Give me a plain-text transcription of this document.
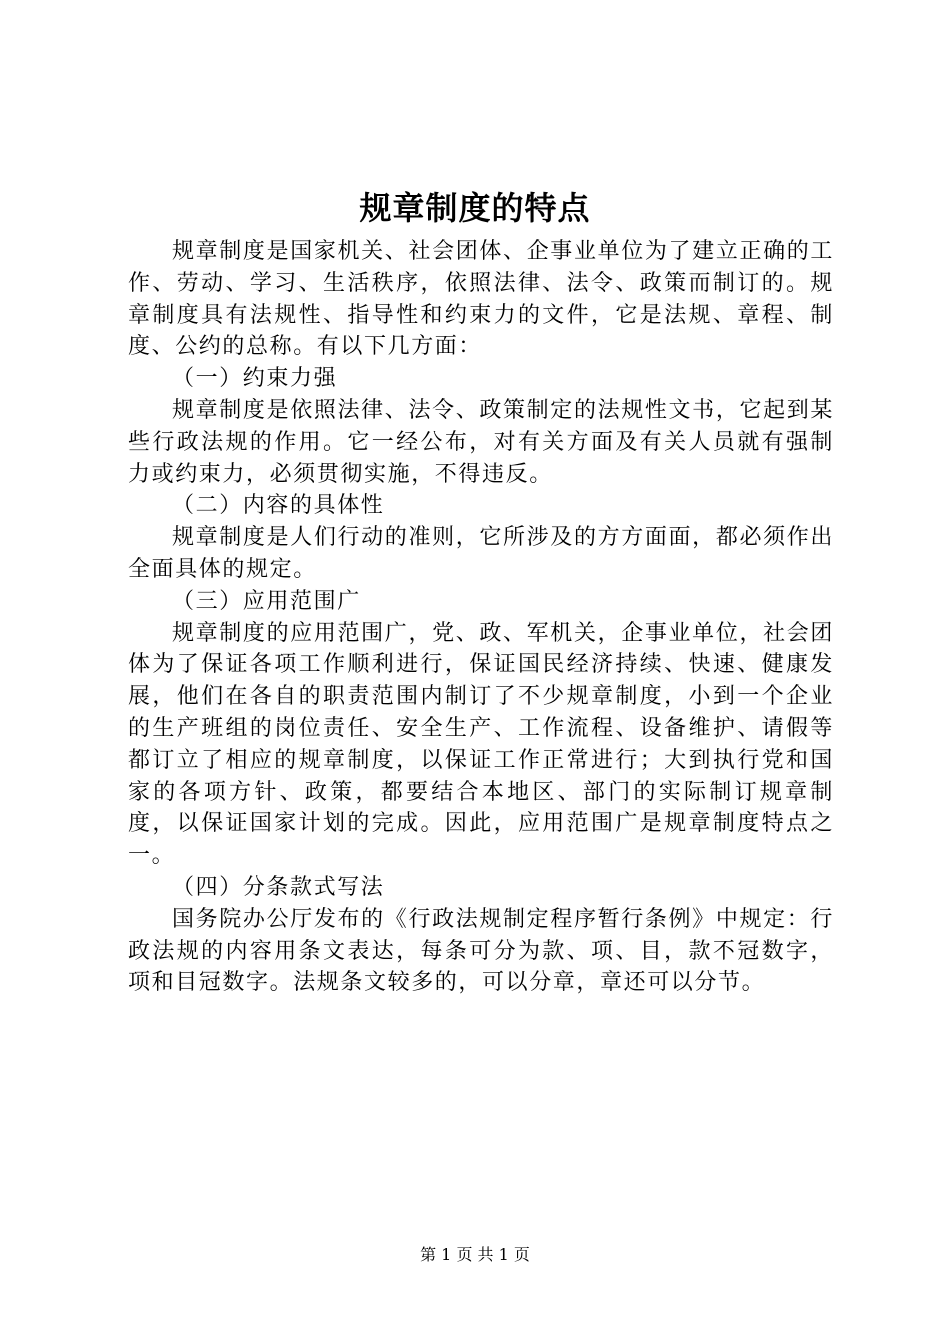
规章制度的特点

规章制度是国家机关、社会团体、企事业单位为了建立正确的工作、劳动、学习、生活秩序，依照法律、法令、政策而制订的。规章制度具有法规性、指导性和约束力的文件，它是法规、章程、制度、公约的总称。有以下几方面：

（一）约束力强

规章制度是依照法律、法令、政策制定的法规性文书，它起到某些行政法规的作用。它一经公布，对有关方面及有关人员就有强制力或约束力，必须贯彻实施，不得违反。

（二）内容的具体性

规章制度是人们行动的准则，它所涉及的方方面面，都必须作出全面具体的规定。

（三）应用范围广

规章制度的应用范围广，党、政、军机关，企事业单位，社会团体为了保证各项工作顺利进行，保证国民经济持续、快速、健康发展，他们在各自的职责范围内制订了不少规章制度，小到一个企业的生产班组的岗位责任、安全生产、工作流程、设备维护、请假等都订立了相应的规章制度，以保证工作正常进行；大到执行党和国家的各项方针、政策，都要结合本地区、部门的实际制订规章制度，以保证国家计划的完成。因此，应用范围广是规章制度特点之一。

（四）分条款式写法

国务院办公厅发布的《行政法规制定程序暂行条例》中规定：行政法规的内容用条文表达，每条可分为款、项、目，款不冠数字，项和目冠数字。法规条文较多的，可以分章，章还可以分节。

第 1 页 共 1 页
